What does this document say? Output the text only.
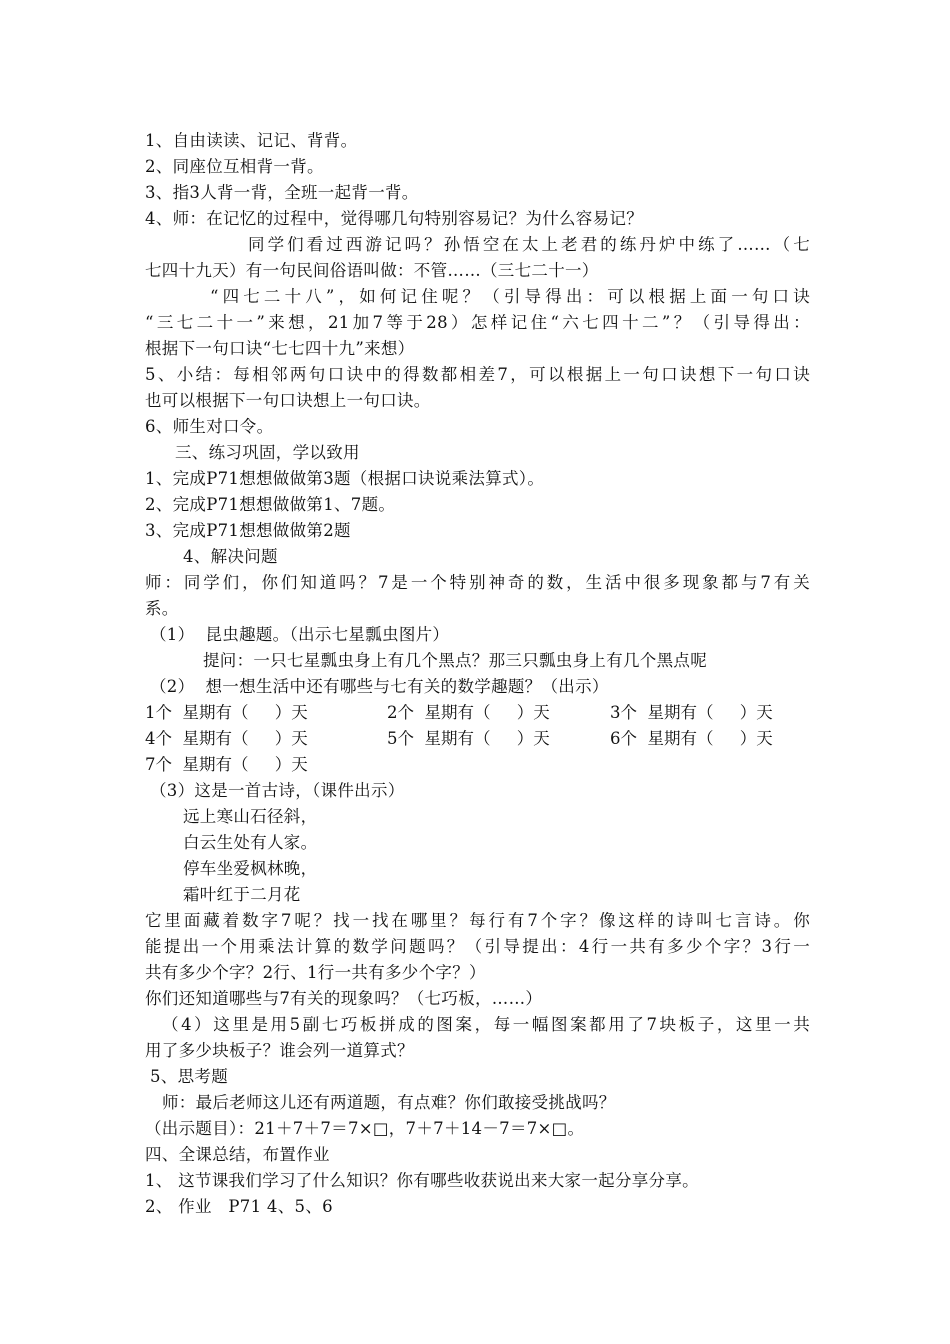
1、自由读读、记记、背背。
2、同座位互相背一背。
3、指3人背一背，全班一起背一背。
4、师：在记忆的过程中，觉得哪几句特别容易记？为什么容易记？
同学们看过西游记吗？孙悟空在太上老君的练丹炉中练了……（七
七四十九天）有一句民间俗语叫做：不管……（三七二十一）
“四七二十八”，如何记住呢？（引导得出：可以根据上面一句口诀
“三七二十一”来想，21加7等于28）怎样记住“六七四十二”？（引导得出：
根据下一句口诀“七七四十九”来想）
5、小结：每相邻两句口诀中的得数都相差7，可以根据上一句口诀想下一句口诀
也可以根据下一句口诀想上一句口诀。
6、师生对口令。
三、练习巩固，学以致用
1、完成P71想想做做第3题（根据口诀说乘法算式）。
2、完成P71想想做做第1、7题。
3、完成P71想想做做第2题
4、解决问题
师：同学们，你们知道吗？7是一个特别神奇的数，生活中很多现象都与7有关
系。
（1）  昆虫趣题。（出示七星瓢虫图片）
提问：一只七星瓢虫身上有几个黑点？那三只瓢虫身上有几个黑点呢
（2）  想一想生活中还有哪些与七有关的数学趣题？（出示）
1个  星期有（     ）天	2个  星期有（     ）天	3个  星期有（     ）天
4个  星期有（     ）天	5个  星期有（     ）天	6个  星期有（     ）天
7个  星期有（     ）天
（3）这是一首古诗，（课件出示）
远上寒山石径斜，
白云生处有人家。
停车坐爱枫林晚，
霜叶红于二月花
它里面藏着数字7呢？找一找在哪里？每行有7个字？像这样的诗叫七言诗。你
能提出一个用乘法计算的数学问题吗？（引导提出：4行一共有多少个字？3行一
共有多少个字？2行、1行一共有多少个字？）
你们还知道哪些与7有关的现象吗？（七巧板，……）
（4）这里是用5副七巧板拼成的图案，每一幅图案都用了7块板子，这里一共
用了多少块板子？谁会列一道算式？
5、思考题
师：最后老师这儿还有两道题，有点难？你们敢接受挑战吗？
（出示题目）：21＋7＋7＝7×□，7＋7＋14－7＝7×□。
四、全课总结，布置作业
1、 这节课我们学习了什么知识？你有哪些收获说出来大家一起分享分享。
2、 作业   P71 4、5、6
